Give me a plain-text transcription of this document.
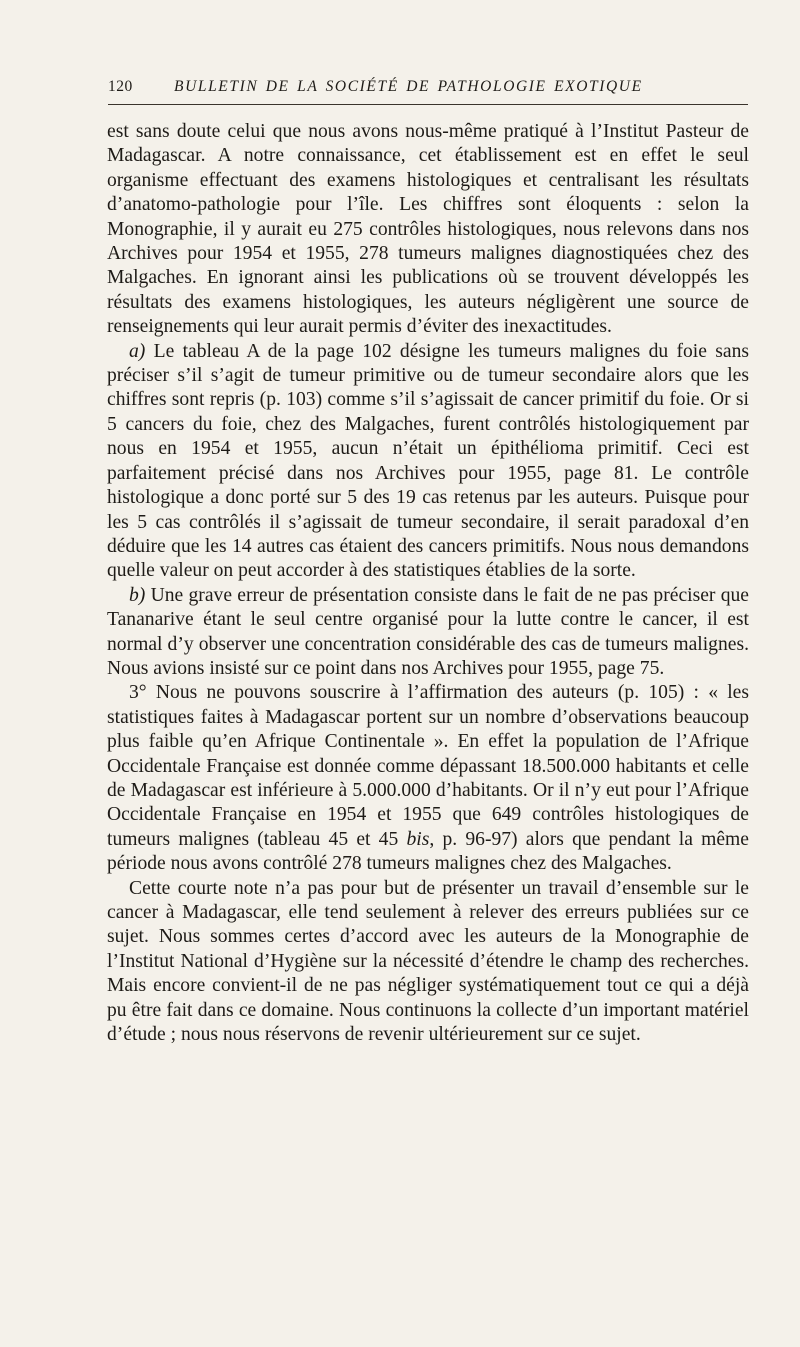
120	BULLETIN DE LA SOCIÉTÉ DE PATHOLOGIE EXOTIQUE

est sans doute celui que nous avons nous-même pratiqué à l’Institut Pasteur de Madagascar. A notre connaissance, cet établissement est en effet le seul organisme effectuant des examens histologiques et centralisant les résultats d’anatomo-pathologie pour l’île. Les chiffres sont éloquents : selon la Monographie, il y aurait eu 275 contrôles histologiques, nous relevons dans nos Archives pour 1954 et 1955, 278 tumeurs malignes diagnostiquées chez des Malgaches. En ignorant ainsi les publications où se trouvent développés les résultats des examens histologiques, les auteurs négligèrent une source de renseignements qui leur aurait permis d’éviter des inexactitudes.

a) Le tableau A de la page 102 désigne les tumeurs malignes du foie sans préciser s’il s’agit de tumeur primitive ou de tumeur secondaire alors que les chiffres sont repris (p. 103) comme s’il s’agissait de cancer primitif du foie. Or si 5 cancers du foie, chez des Malgaches, furent contrôlés histologiquement par nous en 1954 et 1955, aucun n’était un épithélioma primitif. Ceci est parfaitement précisé dans nos Archives pour 1955, page 81. Le contrôle histologique a donc porté sur 5 des 19 cas retenus par les auteurs. Puisque pour les 5 cas contrôlés il s’agissait de tumeur secondaire, il serait paradoxal d’en déduire que les 14 autres cas étaient des cancers primitifs. Nous nous demandons quelle valeur on peut accorder à des statistiques établies de la sorte.

b) Une grave erreur de présentation consiste dans le fait de ne pas préciser que Tananarive étant le seul centre organisé pour la lutte contre le cancer, il est normal d’y observer une concentration considérable des cas de tumeurs malignes. Nous avions insisté sur ce point dans nos Archives pour 1955, page 75.

3° Nous ne pouvons souscrire à l’affirmation des auteurs (p. 105) : « les statistiques faites à Madagascar portent sur un nombre d’observations beaucoup plus faible qu’en Afrique Continentale ». En effet la population de l’Afrique Occidentale Française est donnée comme dépassant 18.500.000 habitants et celle de Madagascar est inférieure à 5.000.000 d’habitants. Or il n’y eut pour l’Afrique Occidentale Française en 1954 et 1955 que 649 contrôles histologiques de tumeurs malignes (tableau 45 et 45 bis, p. 96-97) alors que pendant la même période nous avons contrôlé 278 tumeurs malignes chez des Malgaches.

Cette courte note n’a pas pour but de présenter un travail d’ensemble sur le cancer à Madagascar, elle tend seulement à relever des erreurs publiées sur ce sujet. Nous sommes certes d’accord avec les auteurs de la Monographie de l’Institut National d’Hygiène sur la nécessité d’étendre le champ des recherches. Mais encore convient-il de ne pas négliger systématiquement tout ce qui a déjà pu être fait dans ce domaine. Nous continuons la collecte d’un important matériel d’étude ; nous nous réservons de revenir ultérieurement sur ce sujet.
